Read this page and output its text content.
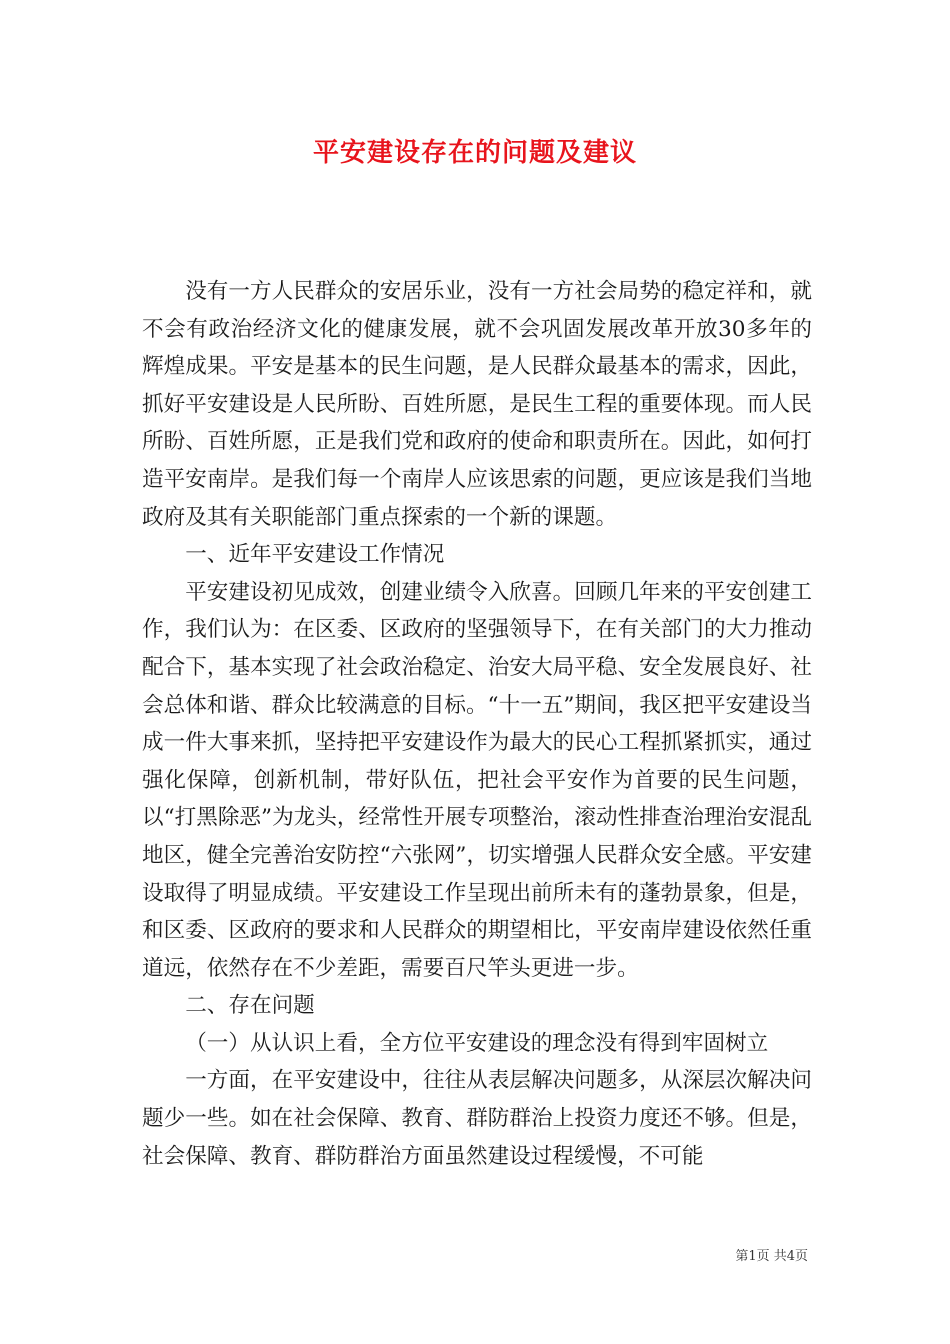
平安建设存在的问题及建议

没有一方人民群众的安居乐业，没有一方社会局势的稳定祥和，就不会有政治经济文化的健康发展，就不会巩固发展改革开放30多年的辉煌成果。平安是基本的民生问题，是人民群众最基本的需求，因此，抓好平安建设是人民所盼、百姓所愿，是民生工程的重要体现。而人民所盼、百姓所愿，正是我们党和政府的使命和职责所在。因此，如何打造平安南岸。是我们每一个南岸人应该思索的问题，更应该是我们当地政府及其有关职能部门重点探索的一个新的课题。

一、近年平安建设工作情况

平安建设初见成效，创建业绩令入欣喜。回顾几年来的平安创建工作，我们认为：在区委、区政府的坚强领导下，在有关部门的大力推动配合下，基本实现了社会政治稳定、治安大局平稳、安全发展良好、社会总体和谐、群众比较满意的目标。“十一五”期间，我区把平安建设当成一件大事来抓，坚持把平安建设作为最大的民心工程抓紧抓实，通过强化保障，创新机制，带好队伍，把社会平安作为首要的民生问题，以“打黑除恶”为龙头，经常性开展专项整治，滚动性排查治理治安混乱地区，健全完善治安防控“六张网”，切实增强人民群众安全感。平安建设取得了明显成绩。平安建设工作呈现出前所未有的蓬勃景象，但是，和区委、区政府的要求和人民群众的期望相比，平安南岸建设依然任重道远，依然存在不少差距，需要百尺竿头更进一步。

二、存在问题

（一）从认识上看，全方位平安建设的理念没有得到牢固树立

一方面，在平安建设中，往往从表层解决问题多，从深层次解决问题少一些。如在社会保障、教育、群防群治上投资力度还不够。但是，社会保障、教育、群防群治方面虽然建设过程缓慢，不可能

第1页 共4页
